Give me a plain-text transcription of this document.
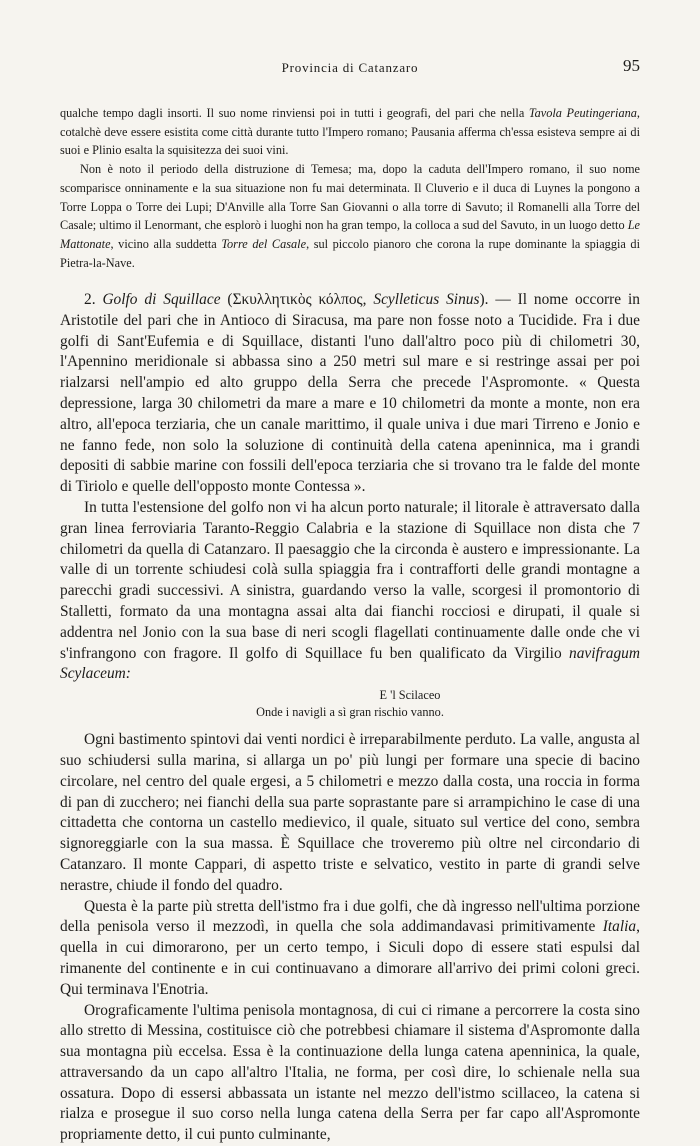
Provincia di Catanzaro	95

qualche tempo dagli insorti. Il suo nome rinviensi poi in tutti i geografi, del pari che nella Tavola Peutingeriana, cotalchè deve essere esistita come città durante tutto l'Impero romano; Pausania afferma ch'essa esisteva sempre ai di suoi e Plinio esalta la squisitezza dei suoi vini.

Non è noto il periodo della distruzione di Temesa; ma, dopo la caduta dell'Impero romano, il suo nome scomparisce onninamente e la sua situazione non fu mai determinata. Il Cluverio e il duca di Luynes la pongono a Torre Loppa o Torre dei Lupi; D'Anville alla Torre San Giovanni o alla torre di Savuto; il Romanelli alla Torre del Casale; ultimo il Lenormant, che esplorò i luoghi non ha gran tempo, la colloca a sud del Savuto, in un luogo detto Le Mattonate, vicino alla suddetta Torre del Casale, sul piccolo pianoro che corona la rupe dominante la spiaggia di Pietra-la-Nave.

2. Golfo di Squillace (Σκυλλητικὸς κόλπος, Scylleticus Sinus). — Il nome occorre in Aristotile del pari che in Antioco di Siracusa, ma pare non fosse noto a Tucidide. Fra i due golfi di Sant'Eufemia e di Squillace, distanti l'uno dall'altro poco più di chilometri 30, l'Apennino meridionale si abbassa sino a 250 metri sul mare e si restringe assai per poi rialzarsi nell'ampio ed alto gruppo della Serra che precede l'Aspromonte. « Questa depressione, larga 30 chilometri da mare a mare e 10 chilometri da monte a monte, non era altro, all'epoca terziaria, che un canale marittimo, il quale univa i due mari Tirreno e Jonio e ne fanno fede, non solo la soluzione di continuità della catena apeninnica, ma i grandi depositi di sabbie marine con fossili dell'epoca terziaria che si trovano tra le falde del monte di Tiriolo e quelle dell'opposto monte Contessa ».

In tutta l'estensione del golfo non vi ha alcun porto naturale; il litorale è attraversato dalla gran linea ferroviaria Taranto-Reggio Calabria e la stazione di Squillace non dista che 7 chilometri da quella di Catanzaro. Il paesaggio che la circonda è austero e impressionante. La valle di un torrente schiudesi colà sulla spiaggia fra i contrafforti delle grandi montagne a parecchi gradi successivi. A sinistra, guardando verso la valle, scorgesi il promontorio di Stalletti, formato da una montagna assai alta dai fianchi rocciosi e dirupati, il quale si addentra nel Jonio con la sua base di neri scogli flagellati continuamente dalle onde che vi s'infrangono con fragore. Il golfo di Squillace fu ben qualificato da Virgilio navifragum Scylaceum:

E 'l Scilaceo
Onde i navigli a sì gran rischio vanno.

Ogni bastimento spintovi dai venti nordici è irreparabilmente perduto. La valle, angusta al suo schiudersi sulla marina, si allarga un po' più lungi per formare una specie di bacino circolare, nel centro del quale ergesi, a 5 chilometri e mezzo dalla costa, una roccia in forma di pan di zucchero; nei fianchi della sua parte soprastante pare si arrampichino le case di una cittadetta che contorna un castello medievico, il quale, situato sul vertice del cono, sembra signoreggiarle con la sua massa. È Squillace che troveremo più oltre nel circondario di Catanzaro. Il monte Cappari, di aspetto triste e selvatico, vestito in parte di grandi selve nerastre, chiude il fondo del quadro.

Questa è la parte più stretta dell'istmo fra i due golfi, che dà ingresso nell'ultima porzione della penisola verso il mezzodì, in quella che sola addimandavasi primitivamente Italia, quella in cui dimorarono, per un certo tempo, i Siculi dopo di essere stati espulsi dal rimanente del continente e in cui continuavano a dimorare all'arrivo dei primi coloni greci. Qui terminava l'Enotria.

Orograficamente l'ultima penisola montagnosa, di cui ci rimane a percorrere la costa sino allo stretto di Messina, costituisce ciò che potrebbesi chiamare il sistema d'Aspromonte dalla sua montagna più eccelsa. Essa è la continuazione della lunga catena apenninica, la quale, attraversando da un capo all'altro l'Italia, ne forma, per così dire, lo schienale nella sua ossatura. Dopo di essersi abbassata un istante nel mezzo dell'istmo scillaceo, la catena si rialza e prosegue il suo corso nella lunga catena della Serra per far capo all'Aspromonte propriamente detto, il cui punto culminante,
